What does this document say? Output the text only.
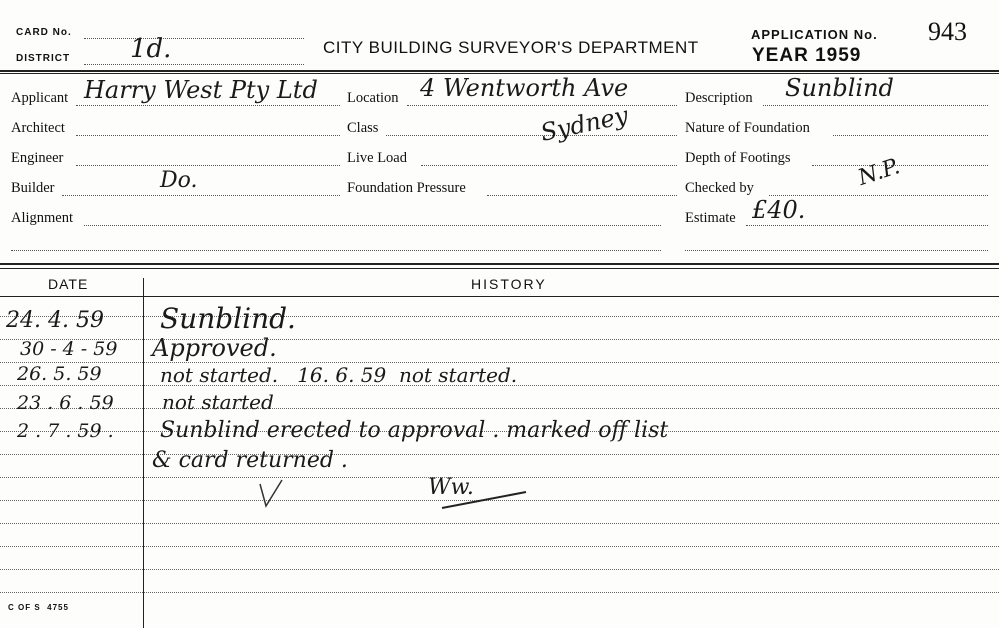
CARD No.
DISTRICT 1d.	CITY BUILDING SURVEYOR'S DEPARTMENT
APPLICATION No. 943
YEAR 1959
Applicant Harry West Pty Ltd Location 4 Wentworth Ave	Description Sunblind
Architect	Class	Sydney	Nature of Foundation
Engineer	Live Load	Depth of Footings
Builder	Do.	Foundation Pressure	Checked by	N.P.
Alignment	Estimate £40.
DATE	HISTORY
24. 4. 59 Sunblind.
30 - 4 - 59 Approved.
26. 5. 59	not started.   16. 6. 59  not started.
23 . 6 . 59 not started
2 . 7 . 59 . Sunblind erected to approval . marked off list
& card returned .
Ww.
C OF S  4755
